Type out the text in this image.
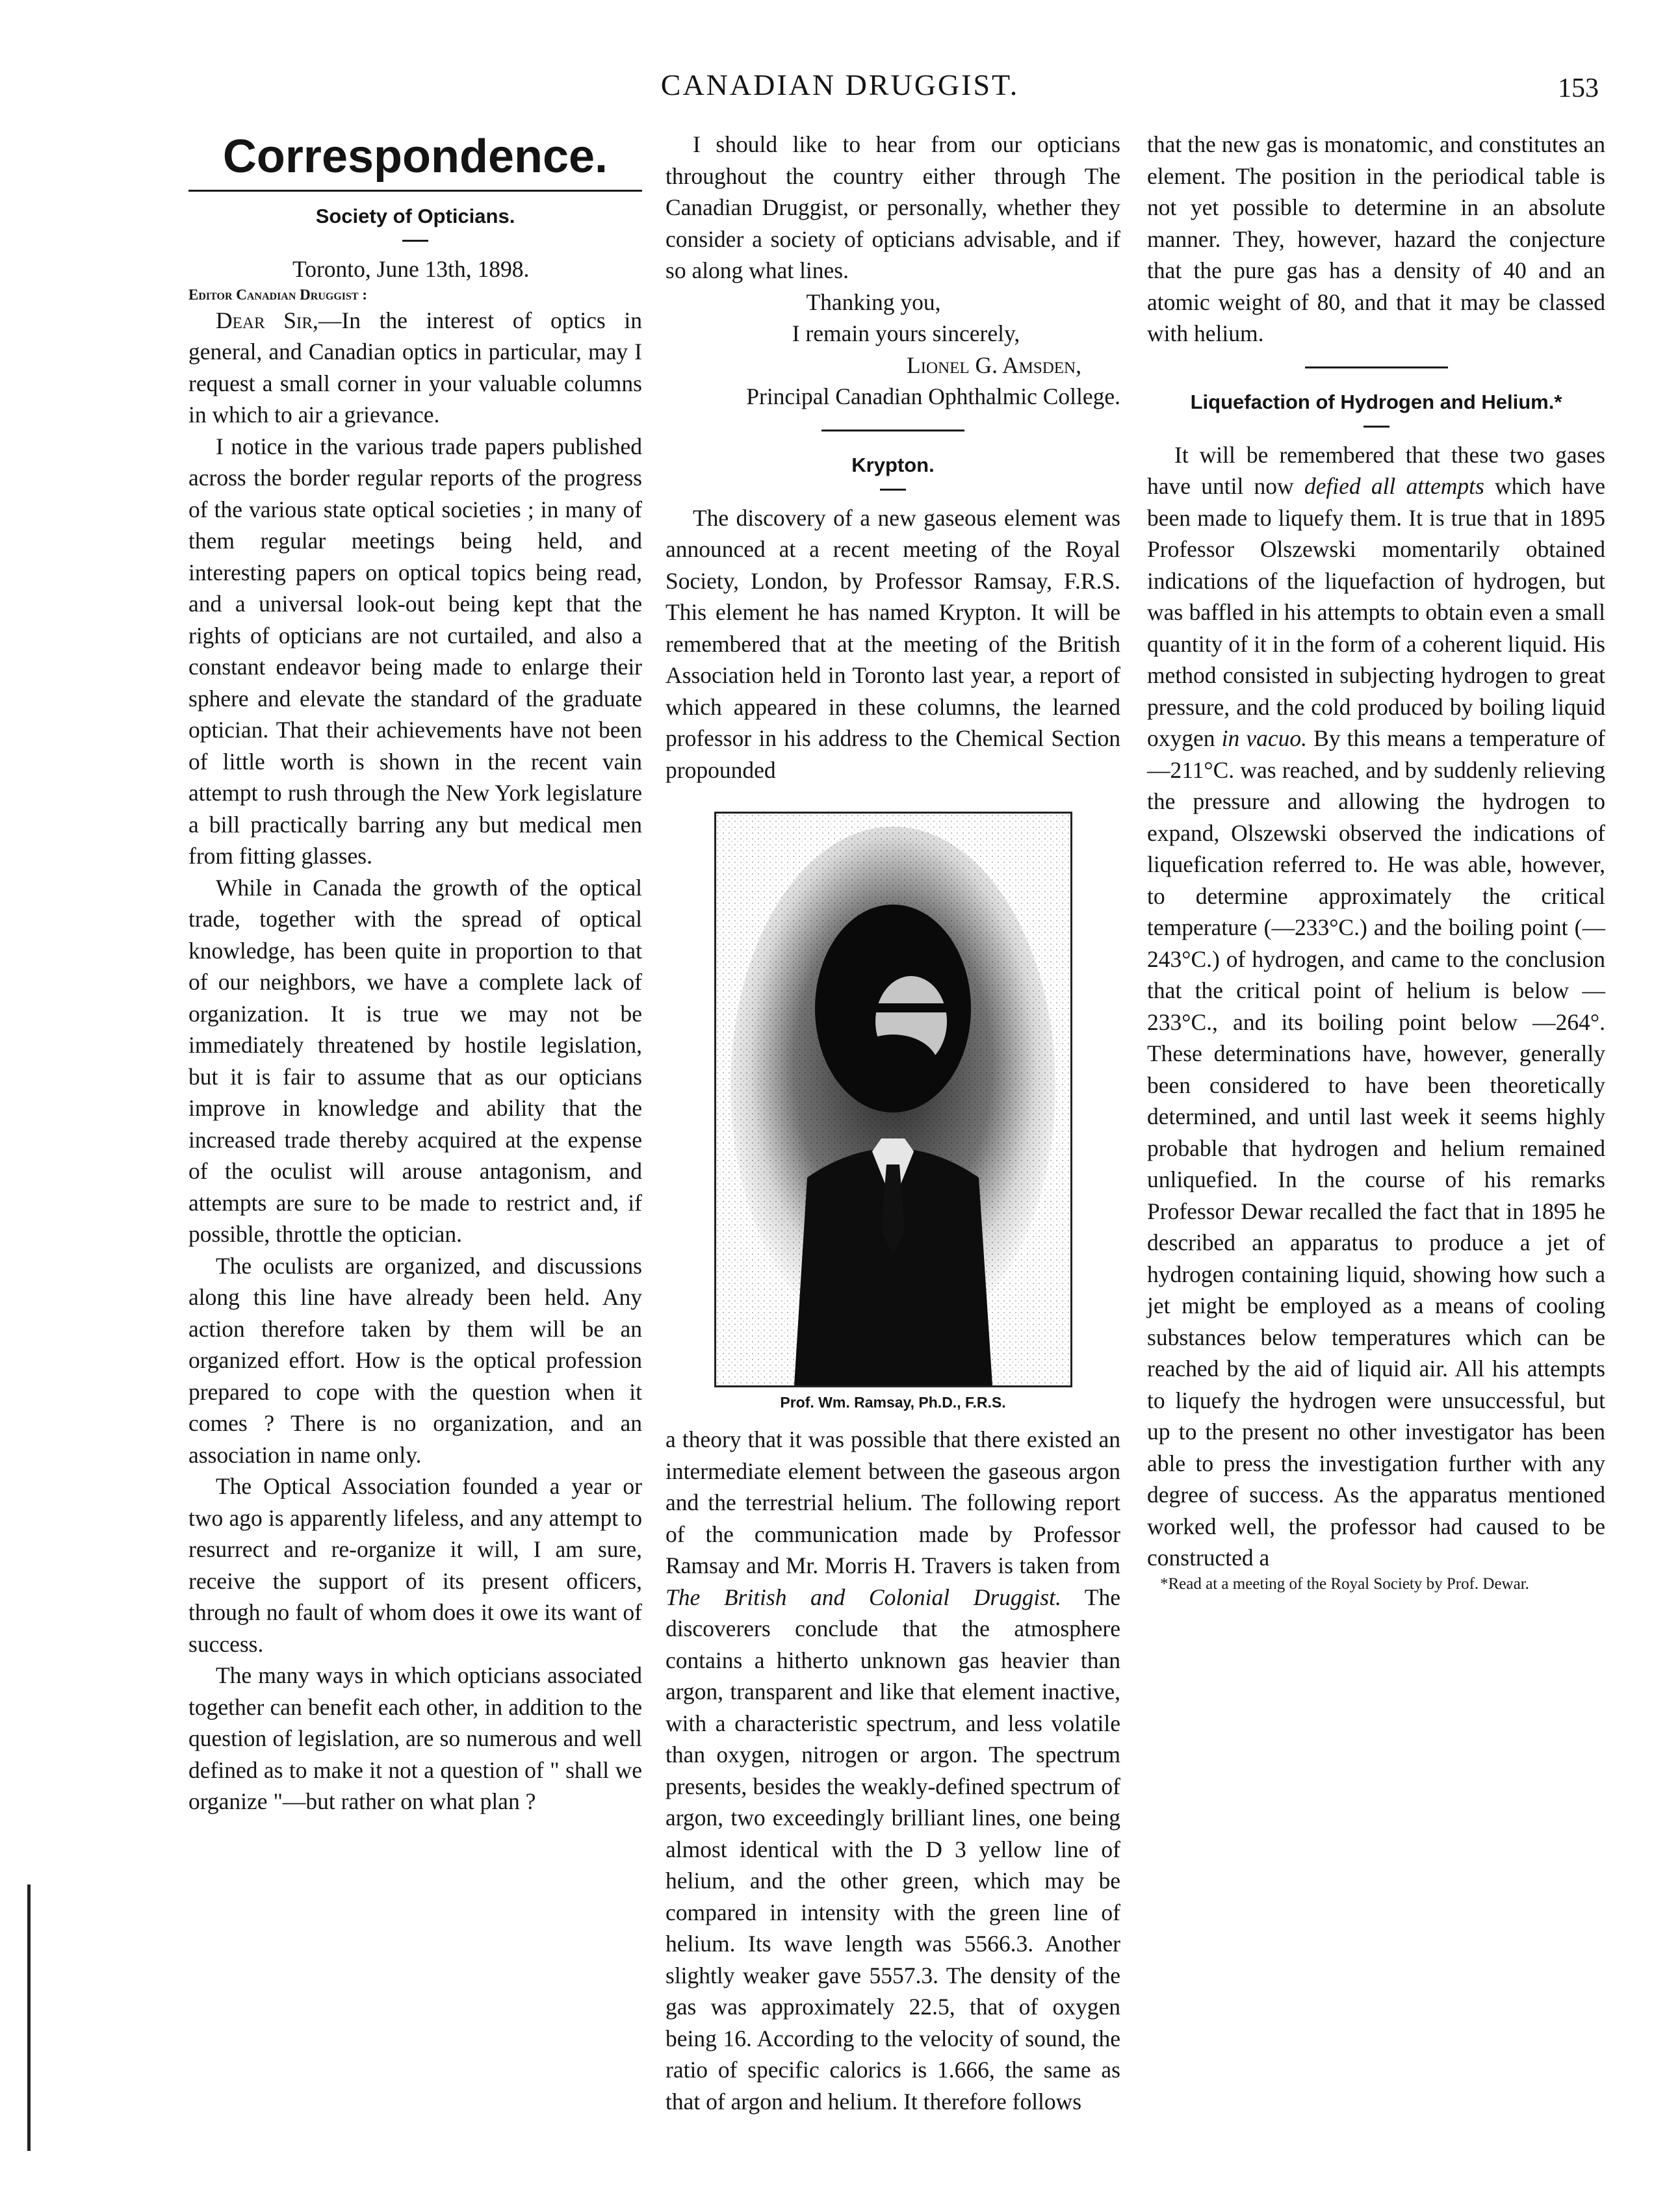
CANADIAN DRUGGIST.	153
Correspondence.
Society of Opticians.

Toronto, June 13th, 1898.

Editor Canadian Druggist :

Dear Sir,—In the interest of optics in general, and Canadian optics in particular, may I request a small corner in your valuable columns in which to air a grievance.

I notice in the various trade papers published across the border regular reports of the progress of the various state optical societies ; in many of them regular meetings being held, and interesting papers on optical topics being read, and a universal look-out being kept that the rights of opticians are not curtailed, and also a constant endeavor being made to enlarge their sphere and elevate the standard of the graduate optician. That their achievements have not been of little worth is shown in the recent vain attempt to rush through the New York legislature a bill practically barring any but medical men from fitting glasses.

While in Canada the growth of the optical trade, together with the spread of optical knowledge, has been quite in proportion to that of our neighbors, we have a complete lack of organization. It is true we may not be immediately threatened by hostile legislation, but it is fair to assume that as our opticians improve in knowledge and ability that the increased trade thereby acquired at the expense of the oculist will arouse antagonism, and attempts are sure to be made to restrict and, if possible, throttle the optician.

The oculists are organized, and discussions along this line have already been held. Any action therefore taken by them will be an organized effort. How is the optical profession prepared to cope with the question when it comes ? There is no organization, and an association in name only.

The Optical Association founded a year or two ago is apparently lifeless, and any attempt to resurrect and re-organize it will, I am sure, receive the support of its present officers, through no fault of whom does it owe its want of success.

The many ways in which opticians associated together can benefit each other, in addition to the question of legislation, are so numerous and well defined as to make it not a question of " shall we organize "—but rather on what plan ?

I should like to hear from our opticians throughout the country either through The Canadian Druggist, or personally, whether they consider a society of opticians advisable, and if so along what lines.

Thanking you,

I remain yours sincerely,

Lionel G. Amsden,

Principal Canadian Ophthalmic College.

Krypton.

The discovery of a new gaseous element was announced at a recent meeting of the Royal Society, London, by Professor Ramsay, F.R.S. This element he has named Krypton. It will be remembered that at the meeting of the British Association held in Toronto last year, a report of which appeared in these columns, the learned professor in his address to the Chemical Section propounded

Prof. Wm. Ramsay, Ph.D., F.R.S.

a theory that it was possible that there existed an intermediate element between the gaseous argon and the terrestrial helium. The following report of the communication made by Professor Ramsay and Mr. Morris H. Travers is taken from The British and Colonial Druggist. The discoverers conclude that the atmosphere contains a hitherto unknown gas heavier than argon, transparent and like that element inactive, with a characteristic spectrum, and less volatile than oxygen, nitrogen or argon. The spectrum presents, besides the weakly-defined spectrum of argon, two exceedingly brilliant lines, one being almost identical with the D 3 yellow line of helium, and the other green, which may be compared in intensity with the green line of helium. Its wave length was 5566.3. Another slightly weaker gave 5557.3. The density of the gas was approximately 22.5, that of oxygen being 16. According to the velocity of sound, the ratio of specific calorics is 1.666, the same as that of argon and helium. It therefore follows

that the new gas is monatomic, and constitutes an element. The position in the periodical table is not yet possible to determine in an absolute manner. They, however, hazard the conjecture that the pure gas has a density of 40 and an atomic weight of 80, and that it may be classed with helium.

Liquefaction of Hydrogen and Helium.*

It will be remembered that these two gases have until now defied all attempts which have been made to liquefy them. It is true that in 1895 Professor Olszewski momentarily obtained indications of the liquefaction of hydrogen, but was baffled in his attempts to obtain even a small quantity of it in the form of a coherent liquid. His method consisted in subjecting hydrogen to great pressure, and the cold produced by boiling liquid oxygen in vacuo. By this means a temperature of —211°C. was reached, and by suddenly relieving the pressure and allowing the hydrogen to expand, Olszewski observed the indications of liquefication referred to. He was able, however, to determine approximately the critical temperature (—233°C.) and the boiling point (—243°C.) of hydrogen, and came to the conclusion that the critical point of helium is below —233°C., and its boiling point below —264°. These determinations have, however, generally been considered to have been theoretically determined, and until last week it seems highly probable that hydrogen and helium remained unliquefied. In the course of his remarks Professor Dewar recalled the fact that in 1895 he described an apparatus to produce a jet of hydrogen containing liquid, showing how such a jet might be employed as a means of cooling substances below temperatures which can be reached by the aid of liquid air. All his attempts to liquefy the hydrogen were unsuccessful, but up to the present no other investigator has been able to press the investigation further with any degree of success. As the apparatus mentioned worked well, the professor had caused to be constructed a

*Read at a meeting of the Royal Society by Prof. Dewar.
